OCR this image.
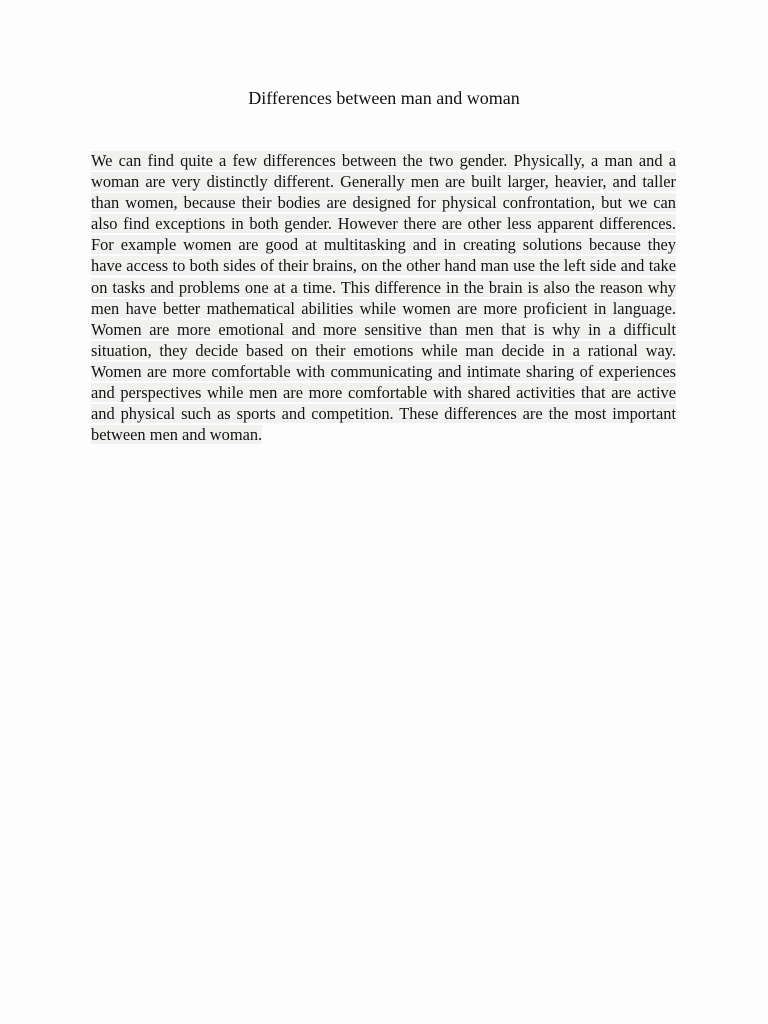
Differences between man and woman

We can find quite a few differences between the two gender. Physically, a man and a woman are very distinctly different. Generally men are built larger, heavier, and taller than women, because their bodies are designed for physical confrontation, but we can also find exceptions in both gender. However there are other less apparent differences. For example women are good at multitasking and in creating solutions because they have access to both sides of their brains, on the other hand man use the left side and take on tasks and problems one at a time. This difference in the brain is also the reason why men have better mathematical abilities while women are more proficient in language. Women are more emotional and more sensitive than men that is why in a difficult situation, they decide based on their emotions while man decide in a rational way. Women are more comfortable with communicating and intimate sharing of experiences and perspectives while men are more comfortable with shared activities that are active and physical such as sports and competition. These differences are the most important between men and woman.
